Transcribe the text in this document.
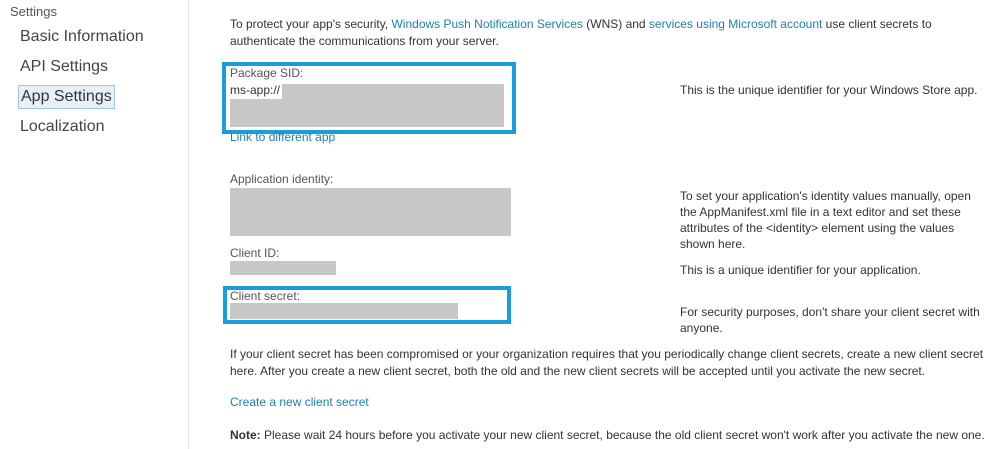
Settings
Basic Information
API Settings
App Settings
Localization
To protect your app's security, Windows Push Notification Services (WNS) and services using Microsoft account use client secrets to authenticate the communications from your server.
Package SID:
ms-app://	This is the unique identifier for your Windows Store app.
Link to different app
Application identity:
To set your application's identity values manually, open the AppManifest.xml file in a text editor and set these attributes of the <identity> element using the values shown here.
Client ID:
This is a unique identifier for your application.
Client secret:
For security purposes, don't share your client secret with anyone.
If your client secret has been compromised or your organization requires that you periodically change client secrets, create a new client secret here. After you create a new client secret, both the old and the new client secrets will be accepted until you activate the new secret.
Create a new client secret
Note: Please wait 24 hours before you activate your new client secret, because the old client secret won't work after you activate the new one.
